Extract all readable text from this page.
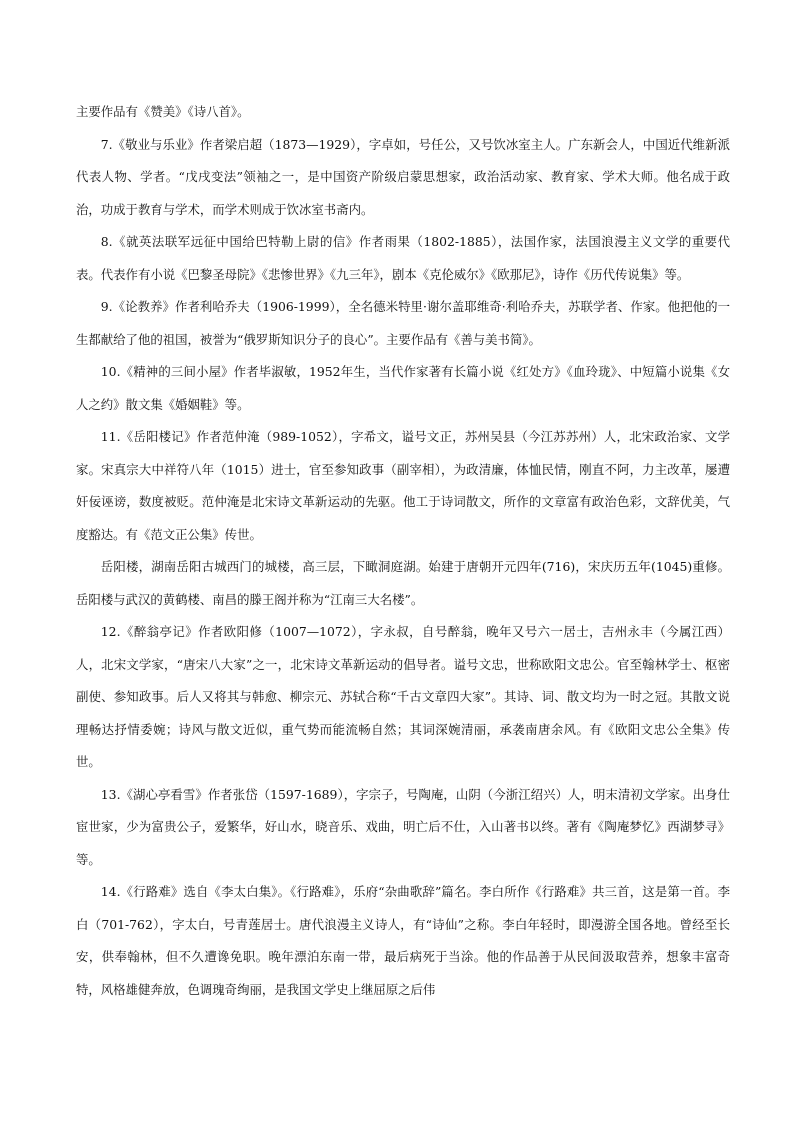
主要作品有《赞美》《诗八首》。

7.《敬业与乐业》作者梁启超（1873—1929），字卓如，号任公，又号饮冰室主人。广东新会人，中国近代维新派代表人物、学者。“戊戌变法”领袖之一，是中国资产阶级启蒙思想家，政治活动家、教育家、学术大师。他名成于政治，功成于教育与学术，而学术则成于饮冰室书斋内。

8.《就英法联军远征中国给巴特勒上尉的信》作者雨果（1802-1885），法国作家，法国浪漫主义文学的重要代表。代表作有小说《巴黎圣母院》《悲惨世界》《九三年》，剧本《克伦威尔》《欧那尼》，诗作《历代传说集》等。

9.《论教养》作者利哈乔夫（1906-1999），全名德米特里·谢尔盖耶维奇·利哈乔夫，苏联学者、作家。他把他的一生都献给了他的祖国，被誉为“俄罗斯知识分子的良心”。主要作品有《善与美书简》。

10.《精神的三间小屋》作者毕淑敏，1952年生，当代作家著有长篇小说《红处方》《血玲珑》、中短篇小说集《女人之约》散文集《婚姻鞋》等。

11.《岳阳楼记》作者范仲淹（989-1052），字希文，谥号文正，苏州吴县（今江苏苏州）人，北宋政治家、文学家。宋真宗大中祥符八年（1015）进士，官至参知政事（副宰相），为政清廉，体恤民情，刚直不阿，力主改革，屡遭奸佞诬谤，数度被贬。范仲淹是北宋诗文革新运动的先驱。他工于诗词散文，所作的文章富有政治色彩，文辞优美，气度豁达。有《范文正公集》传世。

岳阳楼，湖南岳阳古城西门的城楼，高三层，下瞰洞庭湖。始建于唐朝开元四年(716)，宋庆历五年(1045)重修。岳阳楼与武汉的黄鹤楼、南昌的滕王阁并称为“江南三大名楼”。

12.《醉翁亭记》作者欧阳修（1007—1072），字永叔，自号醉翁，晚年又号六一居士，吉州永丰（今属江西）人，北宋文学家，“唐宋八大家”之一，北宋诗文革新运动的倡导者。谥号文忠，世称欧阳文忠公。官至翰林学士、枢密副使、参知政事。后人又将其与韩愈、柳宗元、苏轼合称“千古文章四大家”。其诗、词、散文均为一时之冠。其散文说理畅达抒情委婉；诗风与散文近似，重气势而能流畅自然；其词深婉清丽，承袭南唐余风。有《欧阳文忠公全集》传世。

13.《湖心亭看雪》作者张岱（1597-1689），字宗子，号陶庵，山阴（今浙江绍兴）人，明末清初文学家。出身仕宦世家，少为富贵公子，爱繁华，好山水，晓音乐、戏曲，明亡后不仕，入山著书以终。著有《陶庵梦忆》西湖梦寻》等。

14.《行路难》选自《李太白集》。《行路难》，乐府“杂曲歌辞”篇名。李白所作《行路难》共三首，这是第一首。李白（701-762），字太白，号青莲居士。唐代浪漫主义诗人，有“诗仙”之称。李白年轻时，即漫游全国各地。曾经至长安，供奉翰林，但不久遭谗免职。晚年漂泊东南一带，最后病死于当涂。他的作品善于从民间汲取营养，想象丰富奇特，风格雄健奔放，色调瑰奇绚丽，是我国文学史上继屈原之后伟
